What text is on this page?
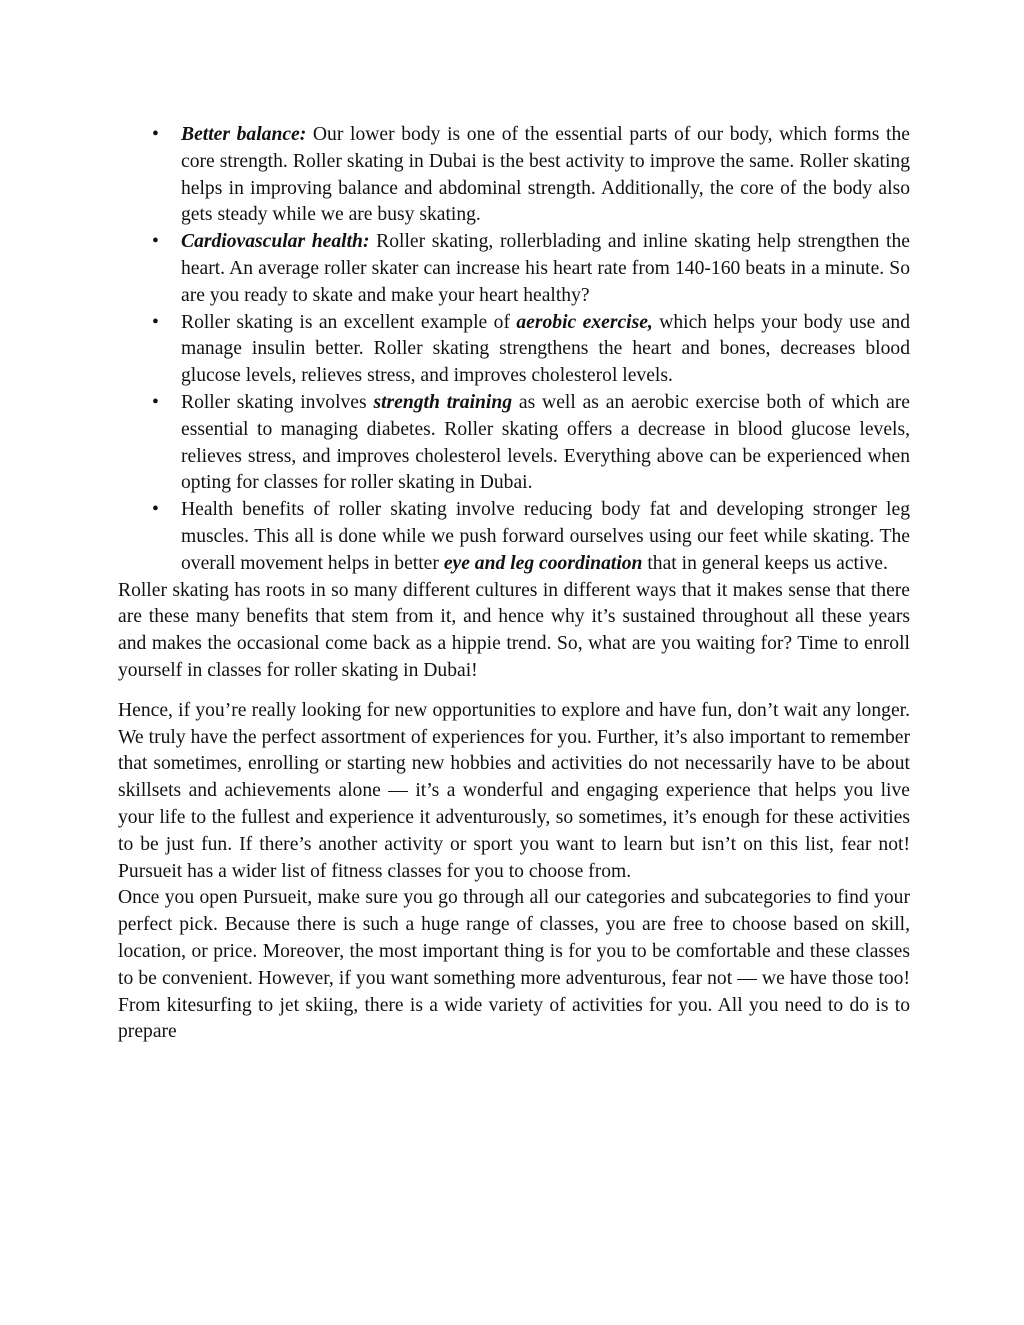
• Better balance: Our lower body is one of the essential parts of our body, which forms the core strength. Roller skating in Dubai is the best activity to improve the same. Roller skating helps in improving balance and abdominal strength. Additionally, the core of the body also gets steady while we are busy skating.
• Cardiovascular health: Roller skating, rollerblading and inline skating help strengthen the heart. An average roller skater can increase his heart rate from 140-160 beats in a minute. So are you ready to skate and make your heart healthy?
• Roller skating is an excellent example of aerobic exercise, which helps your body use and manage insulin better. Roller skating strengthens the heart and bones, decreases blood glucose levels, relieves stress, and improves cholesterol levels.
• Roller skating involves strength training as well as an aerobic exercise both of which are essential to managing diabetes. Roller skating offers a decrease in blood glucose levels, relieves stress, and improves cholesterol levels. Everything above can be experienced when opting for classes for roller skating in Dubai.
• Health benefits of roller skating involve reducing body fat and developing stronger leg muscles. This all is done while we push forward ourselves using our feet while skating. The overall movement helps in better eye and leg coordination that in general keeps us active.

Roller skating has roots in so many different cultures in different ways that it makes sense that there are these many benefits that stem from it, and hence why it’s sustained throughout all these years and makes the occasional come back as a hippie trend. So, what are you waiting for? Time to enroll yourself in classes for roller skating in Dubai!

Hence, if you’re really looking for new opportunities to explore and have fun, don’t wait any longer. We truly have the perfect assortment of experiences for you. Further, it’s also important to remember that sometimes, enrolling or starting new hobbies and activities do not necessarily have to be about skillsets and achievements alone — it’s a wonderful and engaging experience that helps you live your life to the fullest and experience it adventurously, so sometimes, it’s enough for these activities to be just fun. If there’s another activity or sport you want to learn but isn’t on this list, fear not! Pursueit has a wider list of fitness classes for you to choose from.

Once you open Pursueit, make sure you go through all our categories and subcategories to find your perfect pick. Because there is such a huge range of classes, you are free to choose based on skill, location, or price. Moreover, the most important thing is for you to be comfortable and these classes to be convenient. However, if you want something more adventurous, fear not — we have those too! From kitesurfing to jet skiing, there is a wide variety of activities for you. All you need to do is to prepare
